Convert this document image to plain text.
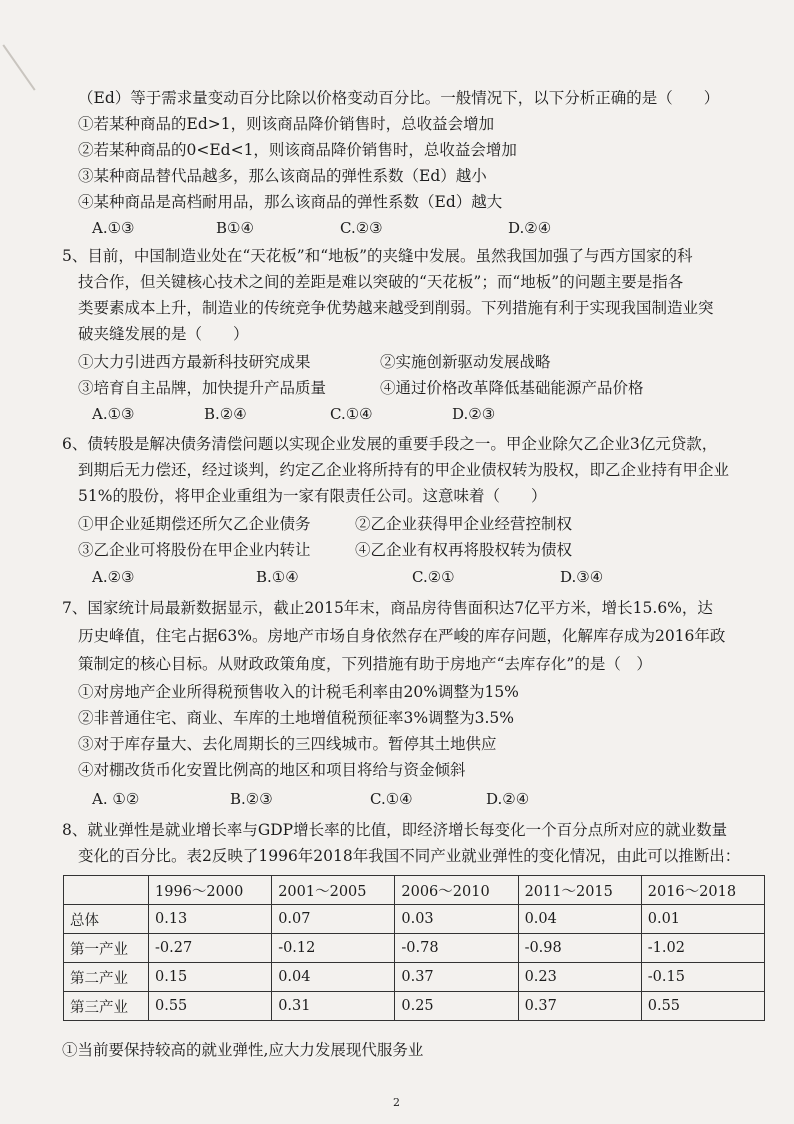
（Ed）等于需求量变动百分比除以价格变动百分比。一般情况下，以下分析正确的是（　　）
①若某种商品的Ed>1，则该商品降价销售时，总收益会增加
②若某种商品的0<Ed<1，则该商品降价销售时，总收益会增加
③某种商品替代品越多，那么该商品的弹性系数（Ed）越小
④某种商品是高档耐用品，那么该商品的弹性系数（Ed）越大
A.①③	B①④	C.②③	D.②④
5、目前，中国制造业处在“天花板”和“地板”的夹缝中发展。虽然我国加强了与西方国家的科
技合作，但关键核心技术之间的差距是难以突破的“天花板”；而“地板”的问题主要是指各
类要素成本上升，制造业的传统竞争优势越来越受到削弱。下列措施有利于实现我国制造业突
破夹缝发展的是（　　）
①大力引进西方最新科技研究成果	②实施创新驱动发展战略
③培育自主品牌，加快提升产品质量	④通过价格改革降低基础能源产品价格
A.①③	B.②④	C.①④	D.②③
6、债转股是解决债务清偿问题以实现企业发展的重要手段之一。甲企业除欠乙企业3亿元贷款，
到期后无力偿还，经过谈判，约定乙企业将所持有的甲企业债权转为股权，即乙企业持有甲企业
51%的股份，将甲企业重组为一家有限责任公司。这意味着（　　）
①甲企业延期偿还所欠乙企业债务	②乙企业获得甲企业经营控制权
③乙企业可将股份在甲企业内转让	④乙企业有权再将股权转为债权
A.②③	B.①④	C.②①	D.③④
7、国家统计局最新数据显示，截止2015年末，商品房待售面积达7亿平方米，增长15.6%，达
历史峰值，住宅占据63%。房地产市场自身依然存在严峻的库存问题，化解库存成为2016年政
策制定的核心目标。从财政政策角度，下列措施有助于房地产“去库存化”的是（　）
①对房地产企业所得税预售收入的计税毛利率由20%调整为15%
②非普通住宅、商业、车库的土地增值税预征率3%调整为3.5%
③对于库存量大、去化周期长的三四线城市。暂停其土地供应
④对棚改货币化安置比例高的地区和项目将给与资金倾斜
A. ①②	B.②③	C.①④	D.②④
8、就业弹性是就业增长率与GDP增长率的比值，即经济增长每变化一个百分点所对应的就业数量
变化的百分比。表2反映了1996年2018年我国不同产业就业弹性的变化情况，由此可以推断出：
	1996～2000	2001～2005	2006～2010	2011～2015	2016～2018
总体	0.13	0.07	0.03	0.04	0.01
第一产业	-0.27	-0.12	-0.78	-0.98	-1.02
第二产业	0.15	0.04	0.37	0.23	-0.15
第三产业	0.55	0.31	0.25	0.37	0.55
①当前要保持较高的就业弹性,应大力发展现代服务业
2
